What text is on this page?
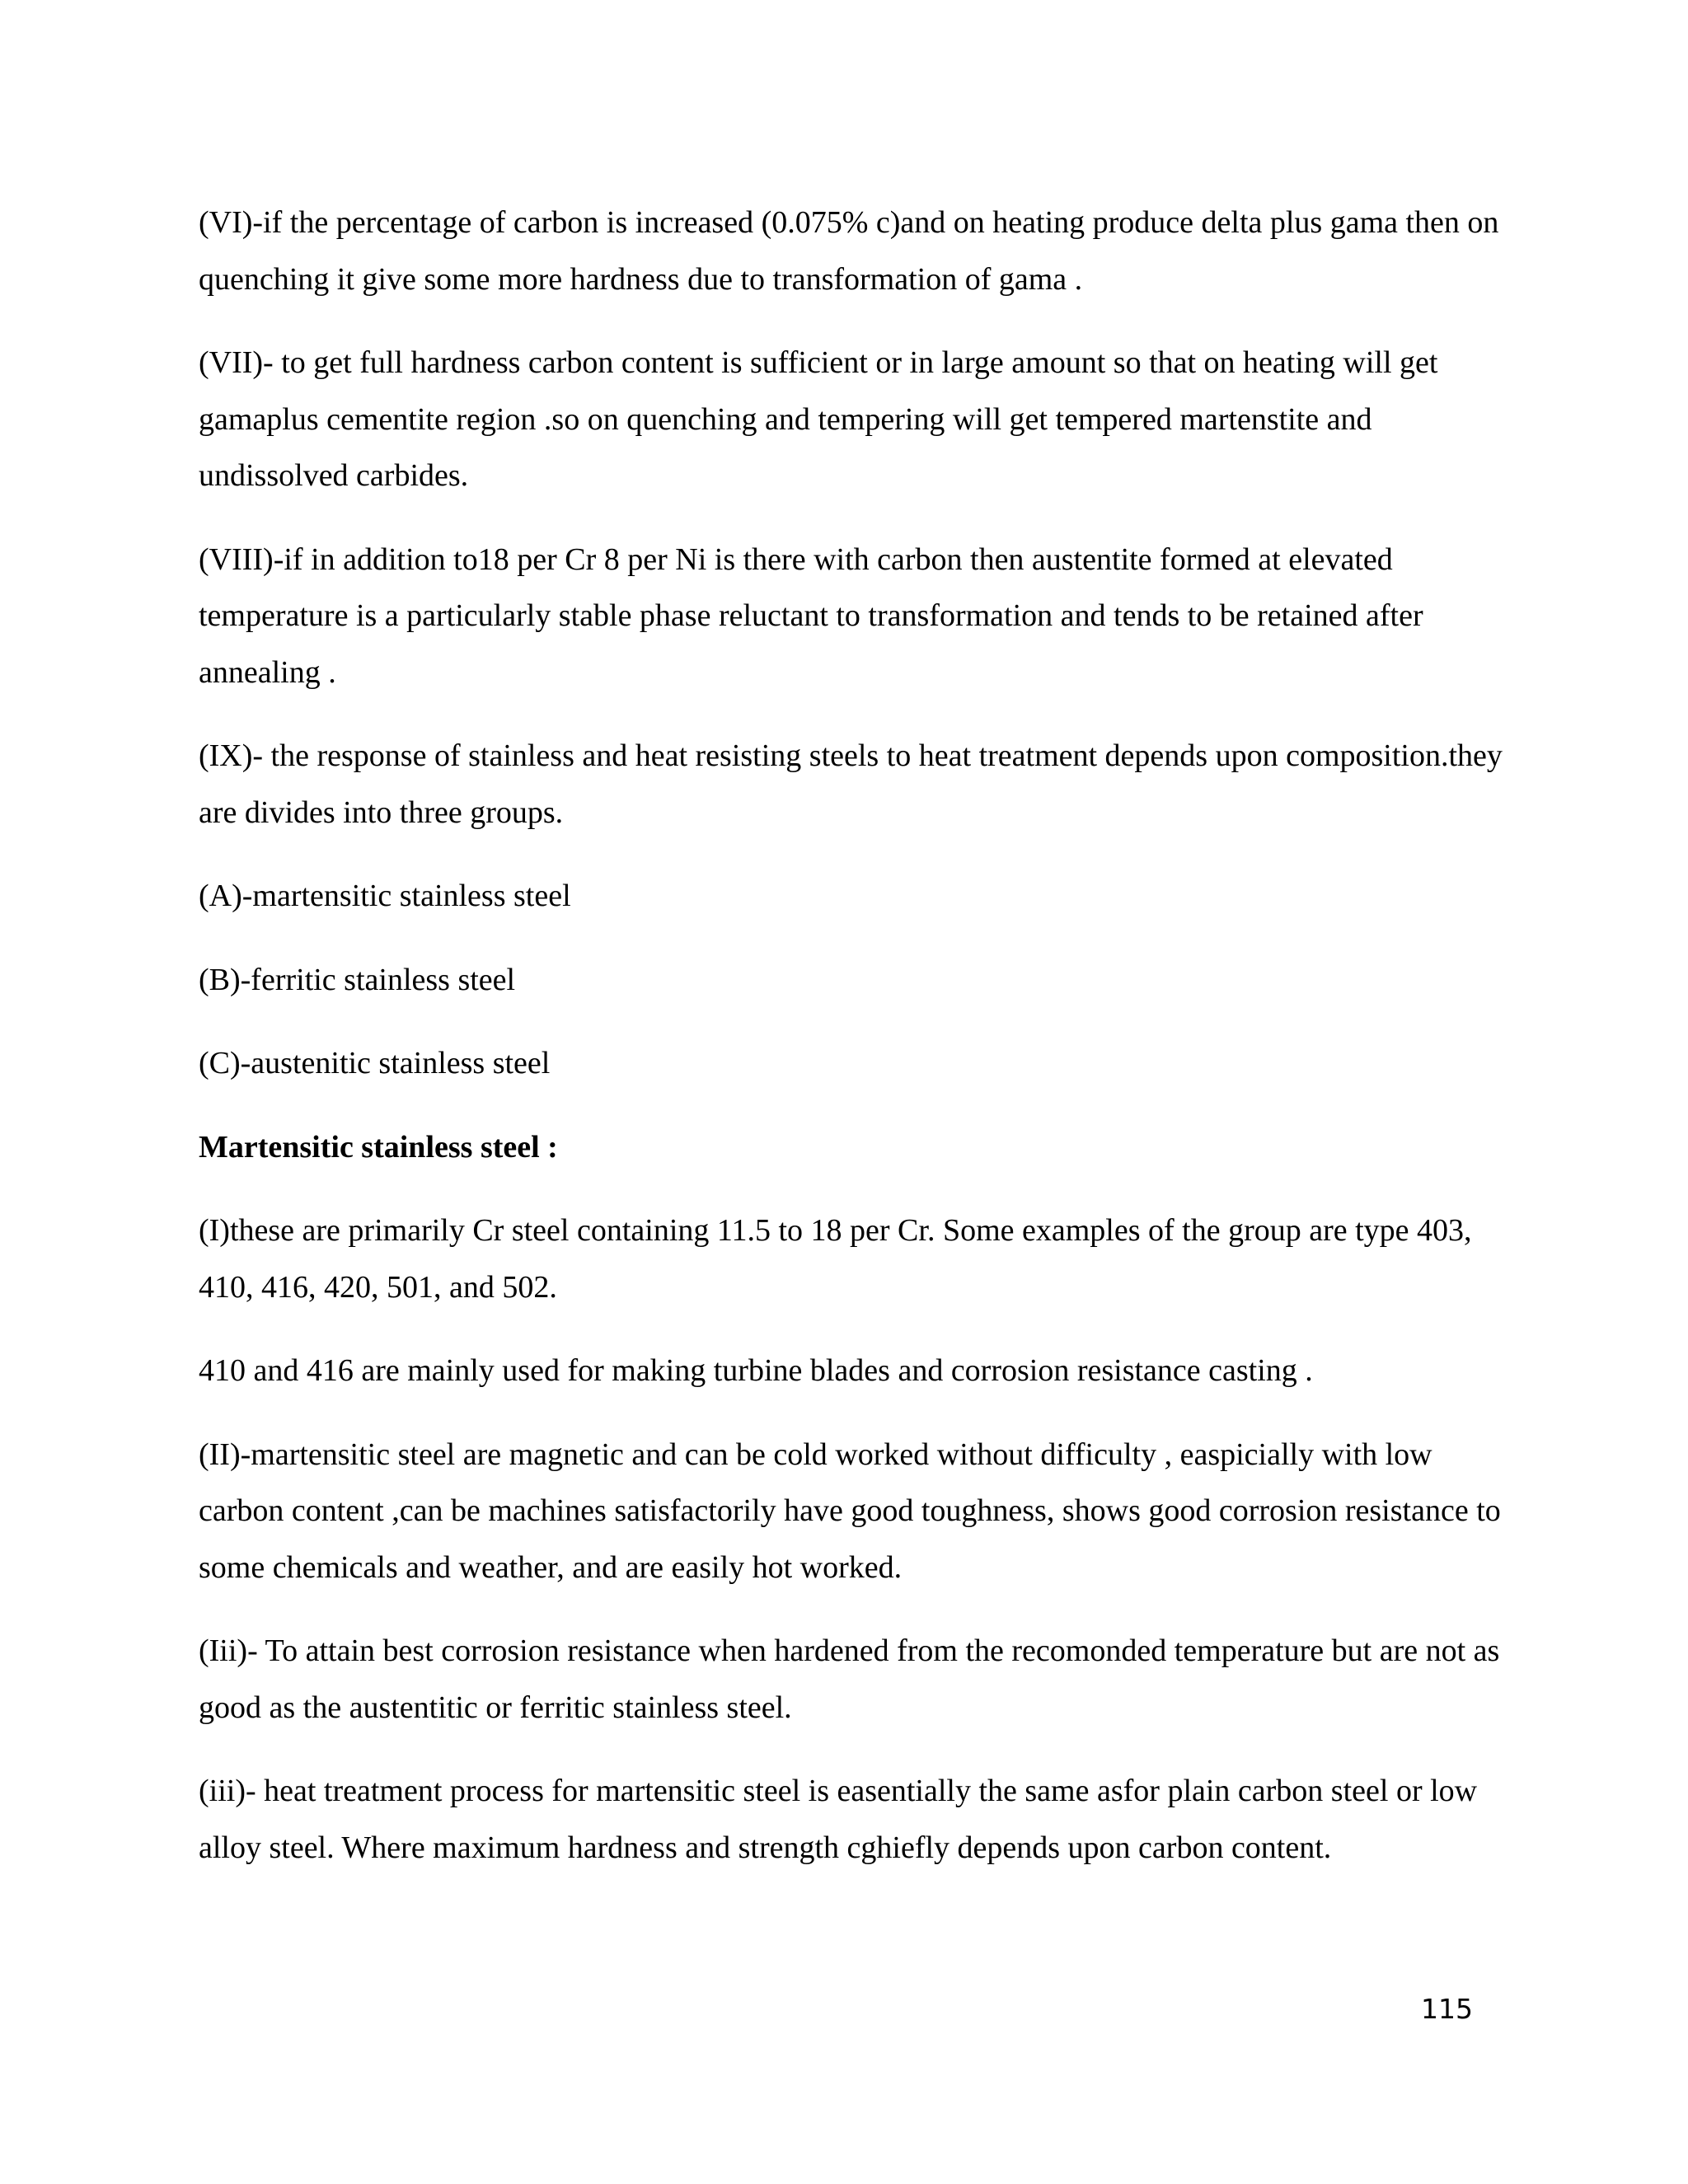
(VI)-if the percentage of carbon is increased (0.075% c)and on heating produce delta plus gama then on quenching it give some more hardness due to transformation of gama .

(VII)- to get full hardness carbon content is sufficient or in large amount so that on heating will get gamaplus cementite region .so on quenching and tempering will get tempered martenstite and undissolved carbides.

(VIII)-if in addition to18 per Cr 8 per Ni is there with carbon then austentite formed at elevated temperature is a particularly stable phase reluctant to transformation and tends to be retained after annealing .

(IX)- the response of stainless and heat resisting steels to heat treatment depends upon composition.they are divides into three groups.

(A)-martensitic stainless steel

(B)-ferritic stainless steel

(C)-austenitic stainless steel

Martensitic stainless steel :

(I)these are primarily Cr steel containing 11.5 to 18 per Cr. Some examples of the group are type 403, 410, 416, 420, 501, and 502.

410 and 416 are mainly used for making turbine blades and corrosion resistance casting .

(II)-martensitic steel are magnetic and can be cold worked without difficulty , easpicially with low carbon content ,can be machines satisfactorily have good toughness, shows good corrosion resistance to some chemicals and weather, and are easily hot worked.

(Iii)- To attain best corrosion resistance when hardened from the recomonded temperature but are not as good as the austentitic or ferritic stainless steel.

(iii)- heat treatment process for martensitic steel is easentially the same asfor plain carbon steel or low alloy steel. Where maximum hardness and strength cghiefly depends upon carbon content.

115
